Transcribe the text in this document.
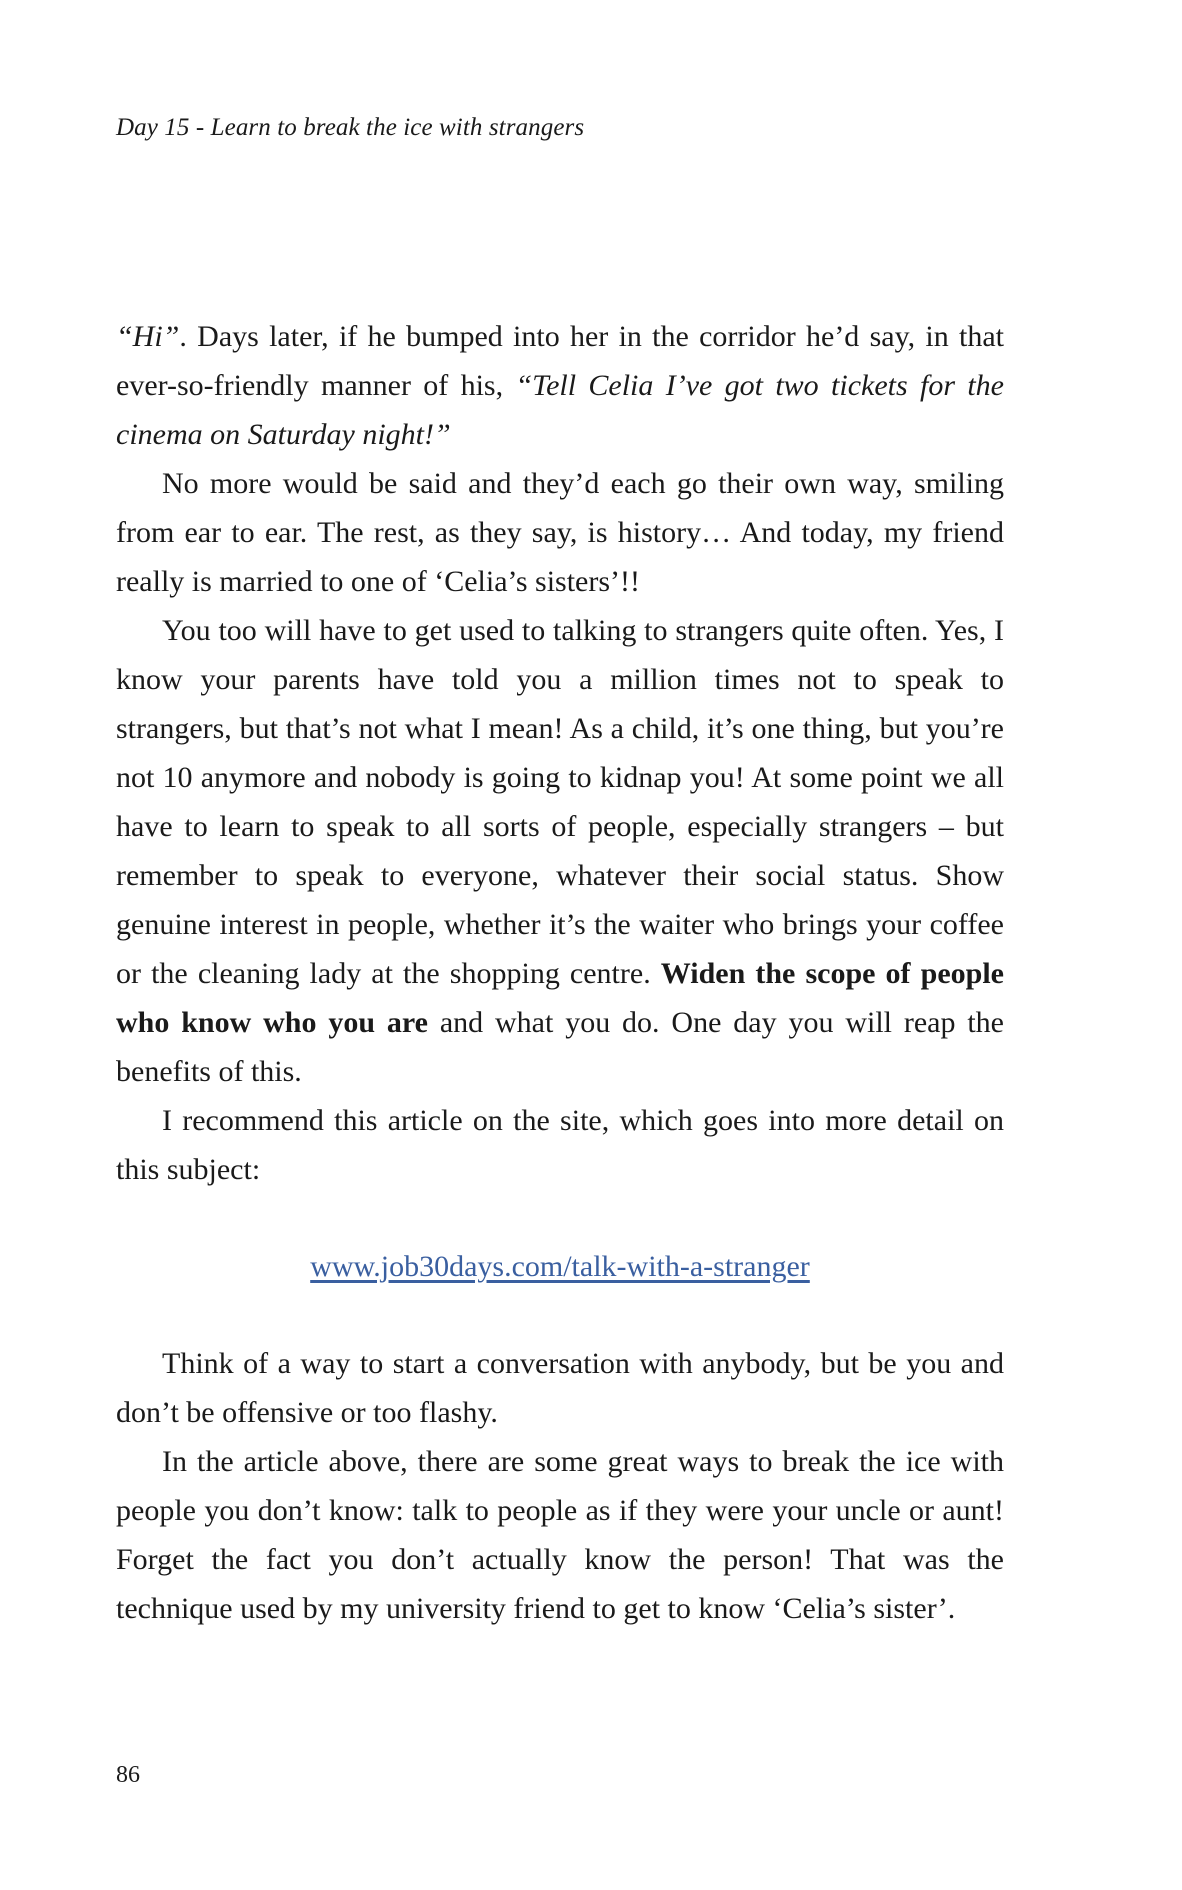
Day 15 - Learn to break the ice with strangers

“Hi”. Days later, if he bumped into her in the corridor he’d say, in that ever-so-friendly manner of his, “Tell Celia I’ve got two tickets for the cinema on Saturday night!”

No more would be said and they’d each go their own way, smiling from ear to ear. The rest, as they say, is history… And today, my friend really is married to one of ‘Celia’s sisters’!!

You too will have to get used to talking to strangers quite often. Yes, I know your parents have told you a million times not to speak to strangers, but that’s not what I mean! As a child, it’s one thing, but you’re not 10 anymore and nobody is going to kidnap you! At some point we all have to learn to speak to all sorts of people, especially strangers – but remember to speak to everyone, whatever their social status. Show genuine interest in people, whether it’s the waiter who brings your coffee or the cleaning lady at the shopping centre. Widen the scope of people who know who you are and what you do. One day you will reap the benefits of this.

I recommend this article on the site, which goes into more detail on this subject:

www.job30days.com/talk-with-a-stranger

Think of a way to start a conversation with anybody, but be you and don’t be offensive or too flashy.

In the article above, there are some great ways to break the ice with people you don’t know: talk to people as if they were your uncle or aunt! Forget the fact you don’t actually know the person! That was the technique used by my university friend to get to know ‘Celia’s sister’.

86
